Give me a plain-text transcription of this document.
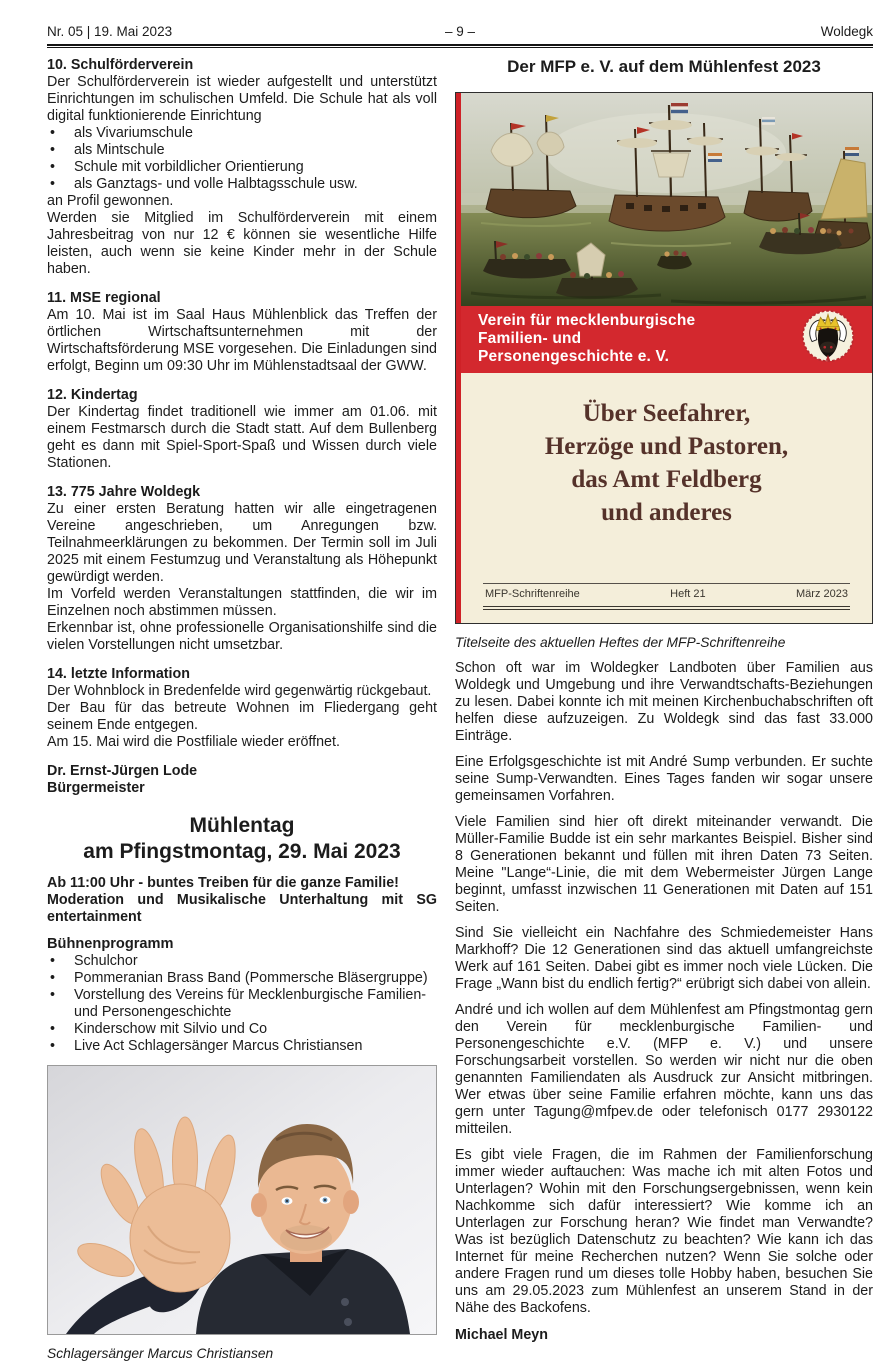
Nr. 05 | 19. Mai 2023	– 9 –	Woldegk
10. Schulförderverein

Der Schulförderverein ist wieder aufgestellt und unterstützt Einrichtungen im schulischen Umfeld. Die Schule hat als voll digital funktionierende Einrichtung

• als Vivariumschule
• als Mintschule
• Schule mit vorbildlicher Orientierung
• als Ganztags- und volle Halbtagsschule usw.

an Profil gewonnen.

Werden sie Mitglied im Schulförderverein mit einem Jahresbeitrag von nur 12 € können sie wesentliche Hilfe leisten, auch wenn sie keine Kinder mehr in der Schule haben.

11. MSE regional

Am 10. Mai ist im Saal Haus Mühlenblick das Treffen der örtlichen Wirtschaftsunternehmen mit der Wirtschaftsförderung MSE vorgesehen. Die Einladungen sind erfolgt, Beginn um 09:30 Uhr im Mühlenstadtsaal der GWW.

12. Kindertag

Der Kindertag findet traditionell wie immer am 01.06. mit einem Festmarsch durch die Stadt statt. Auf dem Bullenberg geht es dann mit Spiel-Sport-Spaß und Wissen durch viele Stationen.

13. 775 Jahre Woldegk

Zu einer ersten Beratung hatten wir alle eingetragenen Vereine angeschrieben, um Anregungen bzw. Teilnahmeerklärungen zu bekommen. Der Termin soll im Juli 2025 mit einem Festumzug und Veranstaltung als Höhepunkt gewürdigt werden.

Im Vorfeld werden Veranstaltungen stattfinden, die wir im Einzelnen noch abstimmen müssen.

Erkennbar ist, ohne professionelle Organisationshilfe sind die vielen Vorstellungen nicht umsetzbar.

14. letzte Information

Der Wohnblock in Bredenfelde wird gegenwärtig rückgebaut.

Der Bau für das betreute Wohnen im Fliedergang geht seinem Ende entgegen.

Am 15. Mai wird die Postfiliale wieder eröffnet.

Dr. Ernst-Jürgen Lode
Bürgermeister
Mühlentag
am Pfingstmontag, 29. Mai 2023

Ab 11:00 Uhr - buntes Treiben für die ganze Familie!

Moderation und Musikalische Unterhaltung mit SG entertainment

Bühnenprogramm
• Schulchor
• Pommeranian Brass Band (Pommersche Bläsergruppe)
• Vorstellung des Vereins für Mecklenburgische Familien- und Personengeschichte
• Kinderschow mit Silvio und Co
• Live Act Schlagersänger Marcus Christiansen
Schlagersänger Marcus Christiansen
Der MFP e. V. auf dem Mühlenfest 2023
Verein für mecklenburgische
Familien- und
Personengeschichte e. V.
Über Seefahrer,
Herzöge und Pastoren,
das Amt Feldberg
und anderes
MFP-Schriftenreihe	Heft 21	März 2023
Titelseite des aktuellen Heftes der MFP-Schriftenreihe

Schon oft war im Woldegker Landboten über Familien aus Woldegk und Umgebung und ihre Verwandtschafts-Beziehungen zu lesen. Dabei konnte ich mit meinen Kirchenbuchabschriften oft helfen diese aufzuzeigen. Zu Woldegk sind das fast 33.000 Einträge.

Eine Erfolgsgeschichte ist mit André Sump verbunden. Er suchte seine Sump-Verwandten. Eines Tages fanden wir sogar unsere gemeinsamen Vorfahren.

Viele Familien sind hier oft direkt miteinander verwandt. Die Müller-Familie Budde ist ein sehr markantes Beispiel. Bisher sind 8 Generationen bekannt und füllen mit ihren Daten 73 Seiten. Meine "Lange“-Linie, die mit dem Webermeister Jürgen Lange beginnt, umfasst inzwischen 11 Generationen mit Daten auf 151 Seiten.

Sind Sie vielleicht ein Nachfahre des Schmiedemeister Hans Markhoff? Die 12 Generationen sind das aktuell umfangreichste Werk auf 161 Seiten. Dabei gibt es immer noch viele Lücken. Die Frage „Wann bist du endlich fertig?“ erübrigt sich dabei von allein.

André und ich wollen auf dem Mühlenfest am Pfingstmontag gern den Verein für mecklenburgische Familien- und Personengeschichte e.V. (MFP e. V.) und unsere Forschungsarbeit vorstellen. So werden wir nicht nur die oben genannten Familiendaten als Ausdruck zur Ansicht mitbringen. Wer etwas über seine Familie erfahren möchte, kann uns das gern unter Tagung@mfpev.de oder telefonisch 0177 2930122 mitteilen.

Es gibt viele Fragen, die im Rahmen der Familienforschung immer wieder auftauchen: Was mache ich mit alten Fotos und Unterlagen? Wohin mit den Forschungsergebnissen, wenn kein Nachkomme sich dafür interessiert? Wie komme ich an Unterlagen zur Forschung heran? Wie findet man Verwandte? Was ist bezüglich Datenschutz zu beachten? Wie kann ich das Internet für meine Recherchen nutzen? Wenn Sie solche oder andere Fragen rund um dieses tolle Hobby haben, besuchen Sie uns am 29.05.2023 zum Mühlenfest an unserem Stand in der Nähe des Backofens.

Michael Meyn
